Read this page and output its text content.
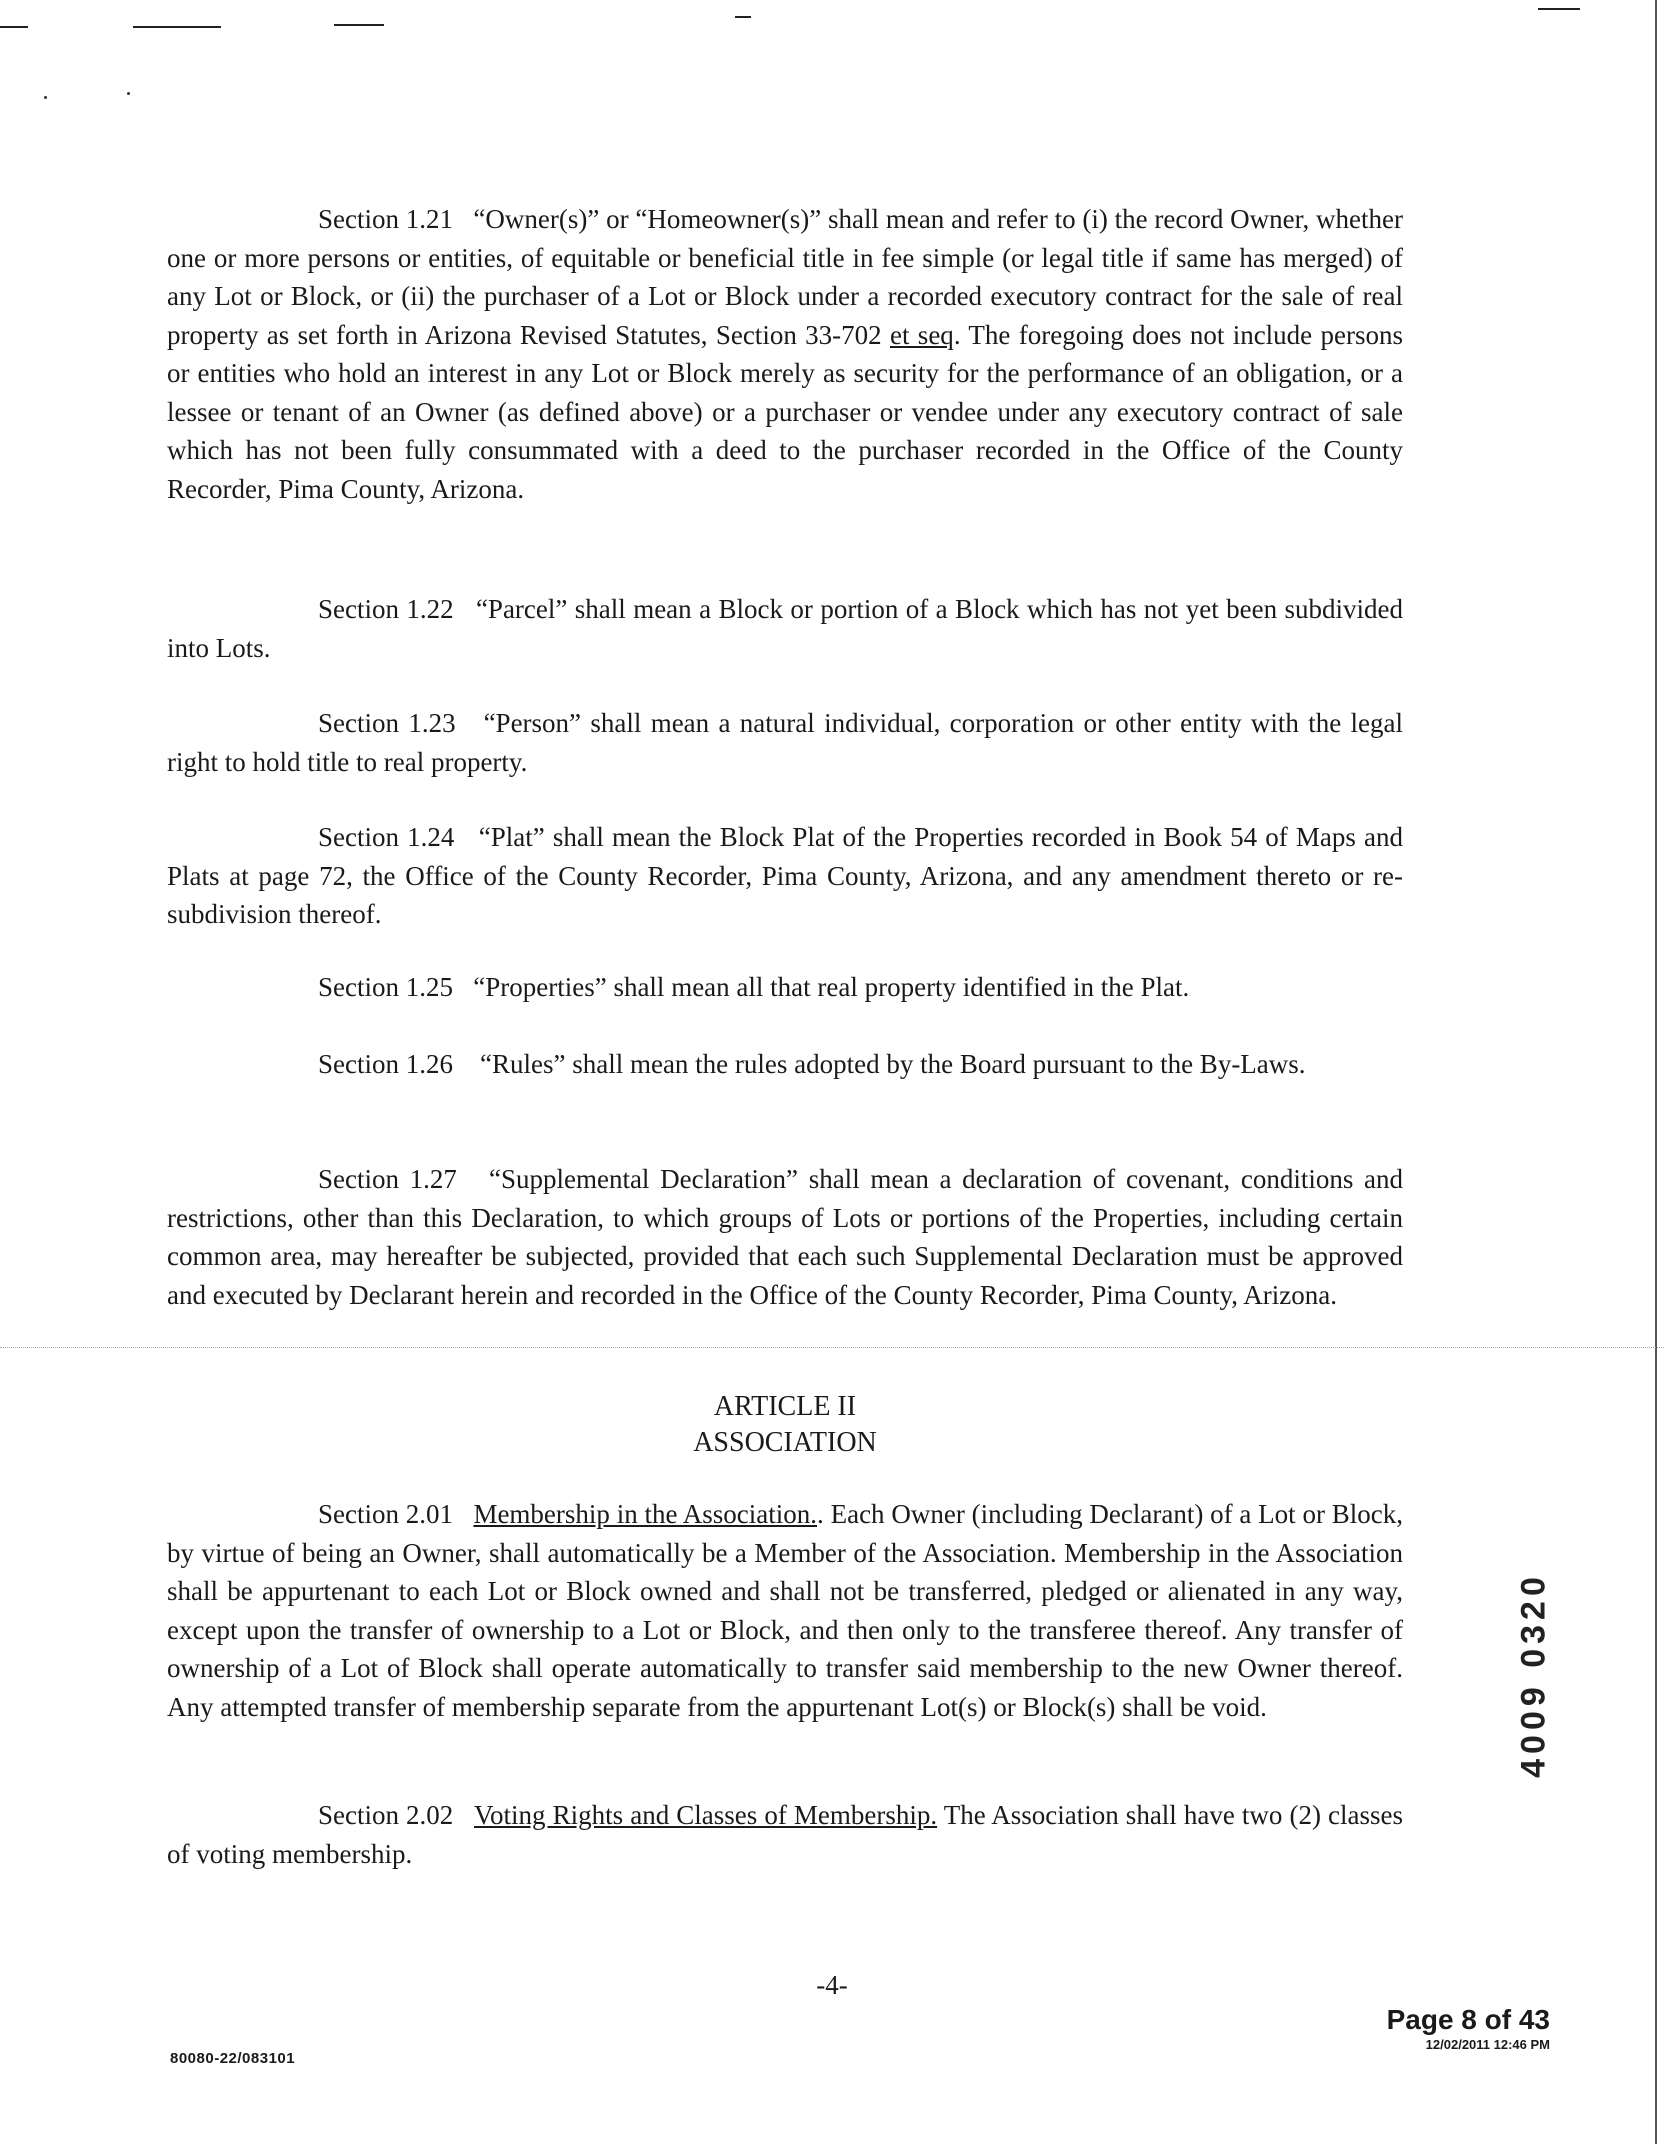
Section 1.21 “Owner(s)” or “Homeowner(s)” shall mean and refer to (i) the record Owner, whether one or more persons or entities, of equitable or beneficial title in fee simple (or legal title if same has merged) of any Lot or Block, or (ii) the purchaser of a Lot or Block under a recorded executory contract for the sale of real property as set forth in Arizona Revised Statutes, Section 33-702 et seq. The foregoing does not include persons or entities who hold an interest in any Lot or Block merely as security for the performance of an obligation, or a lessee or tenant of an Owner (as defined above) or a purchaser or vendee under any executory contract of sale which has not been fully consummated with a deed to the purchaser recorded in the Office of the County Recorder, Pima County, Arizona.

Section 1.22 “Parcel” shall mean a Block or portion of a Block which has not yet been subdivided into Lots.

Section 1.23 “Person” shall mean a natural individual, corporation or other entity with the legal right to hold title to real property.

Section 1.24 “Plat” shall mean the Block Plat of the Properties recorded in Book 54 of Maps and Plats at page 72, the Office of the County Recorder, Pima County, Arizona, and any amendment thereto or re-subdivision thereof.

Section 1.25 “Properties” shall mean all that real property identified in the Plat.

Section 1.26 “Rules” shall mean the rules adopted by the Board pursuant to the By-Laws.

Section 1.27 “Supplemental Declaration” shall mean a declaration of covenant, conditions and restrictions, other than this Declaration, to which groups of Lots or portions of the Properties, including certain common area, may hereafter be subjected, provided that each such Supplemental Declaration must be approved and executed by Declarant herein and recorded in the Office of the County Recorder, Pima County, Arizona.

ARTICLE II
ASSOCIATION

Section 2.01 Membership in the Association.. Each Owner (including Declarant) of a Lot or Block, by virtue of being an Owner, shall automatically be a Member of the Association. Membership in the Association shall be appurtenant to each Lot or Block owned and shall not be transferred, pledged or alienated in any way, except upon the transfer of ownership to a Lot or Block, and then only to the transferee thereof. Any transfer of ownership of a Lot of Block shall operate automatically to transfer said membership to the new Owner thereof. Any attempted transfer of membership separate from the appurtenant Lot(s) or Block(s) shall be void.

Section 2.02 Voting Rights and Classes of Membership. The Association shall have two (2) classes of voting membership.

-4-
80080-22/083101
Page 8 of 43
12/02/2011 12:46 PM
4009 0320
